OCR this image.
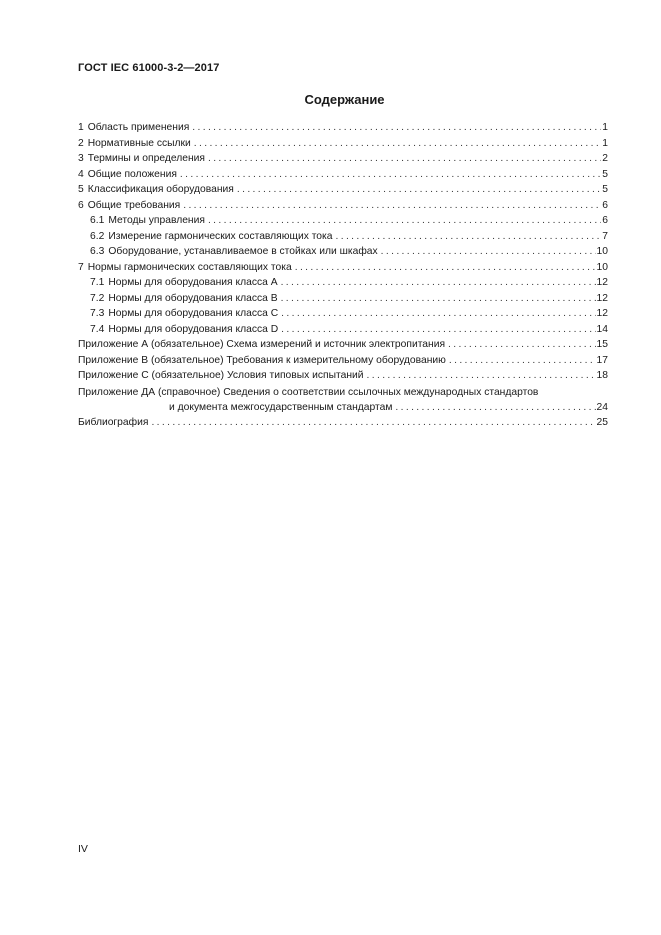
ГОСТ IEC 61000-3-2—2017
Содержание
1 Область применения . . .	1
2 Нормативные ссылки . . .	1
3 Термины и определения . . .	2
4 Общие положения . . .	5
5 Классификация оборудования . . .	5
6 Общие требования . . .	6
6.1 Методы управления . . .	6
6.2 Измерение гармонических составляющих тока . . .	7
6.3 Оборудование, устанавливаемое в стойках или шкафах . . .	10
7 Нормы гармонических составляющих тока . . .	10
7.1 Нормы для оборудования класса А . . .	12
7.2 Нормы для оборудования класса В . . .	12
7.3 Нормы для оборудования класса С . . .	12
7.4 Нормы для оборудования класса D . . .	14
Приложение А (обязательное) Схема измерений и источник электропитания . . .	15
Приложение В (обязательное) Требования к измерительному оборудованию . . .	17
Приложение С (обязательное) Условия типовых испытаний . . .	18
Приложение ДА (справочное) Сведения о соответствии ссылочных международных стандартов
и документа межгосударственным стандартам . . .	24
Библиография . . .	25
IV
